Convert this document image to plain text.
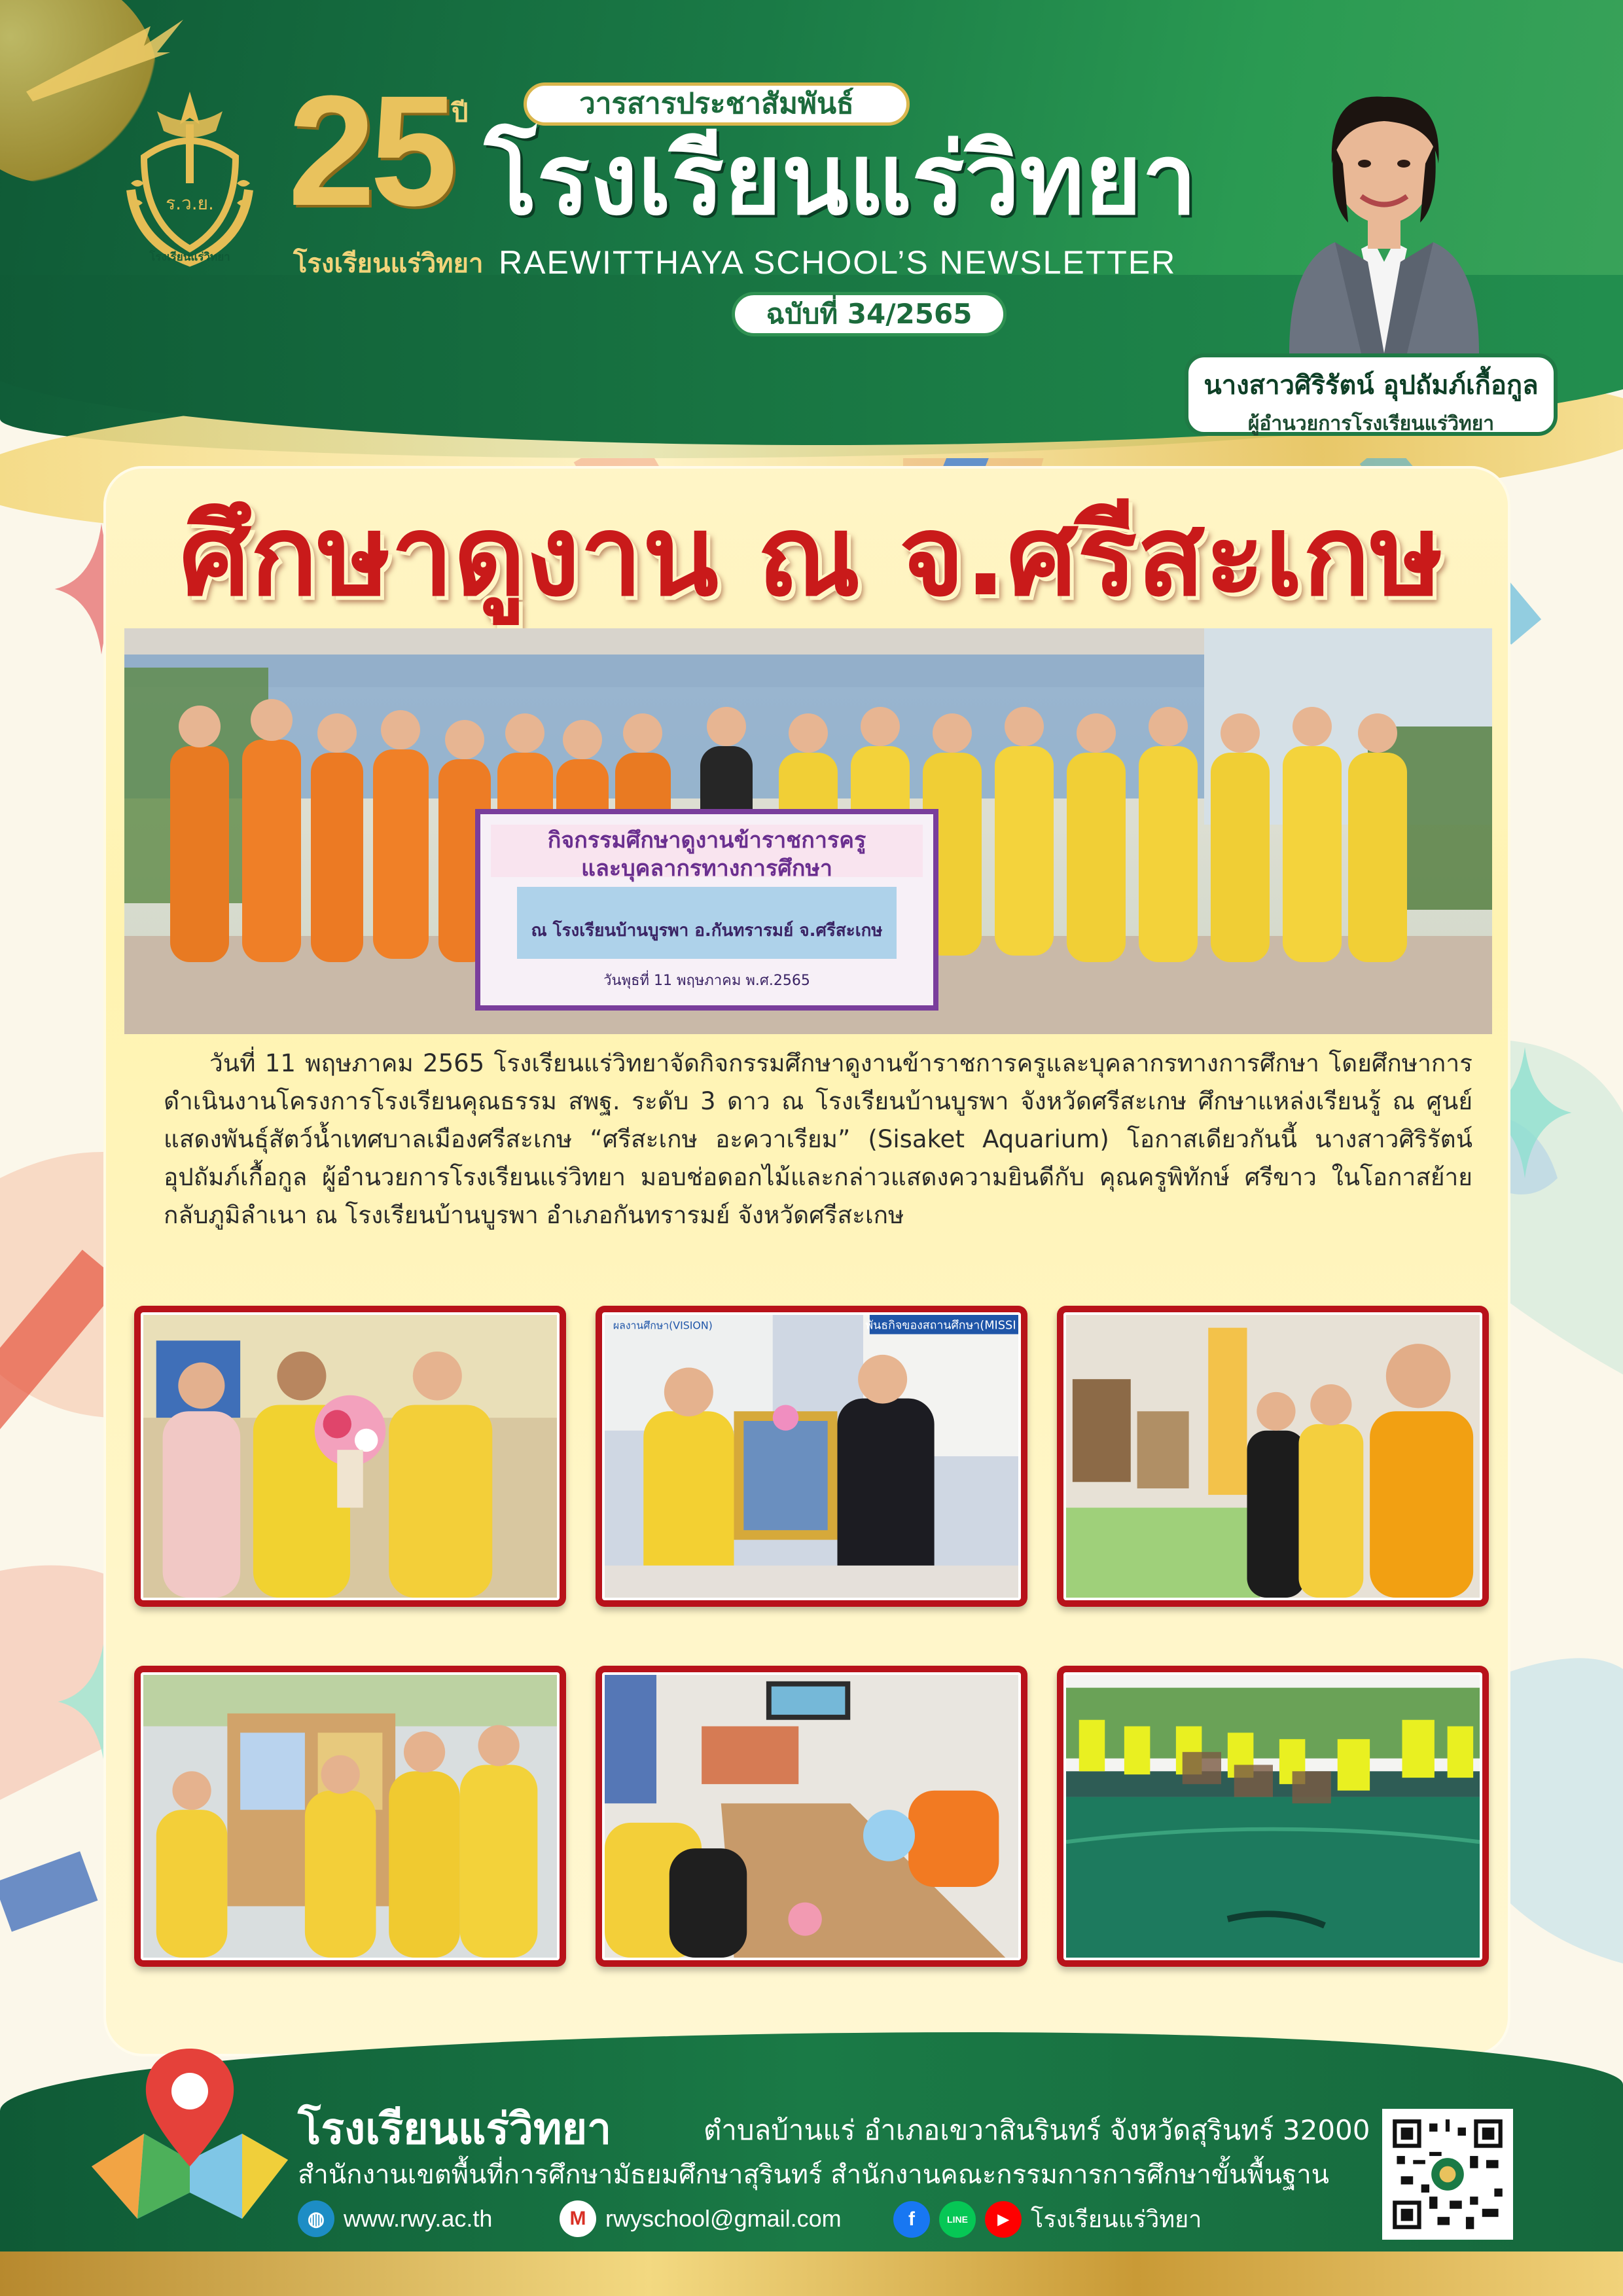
ร.ว.ย.
โรงเรียนแร่วิทยา
25 ปี
โรงเรียนแร่วิทยา
วารสารประชาสัมพันธ์
โรงเรียนแร่วิทยา
RAEWITTHAYA SCHOOL’S NEWSLETTER
ฉบับที่ 34/2565
นางสาวศิริรัตน์ อุปถัมภ์เกื้อกูล
ผู้อำนวยการโรงเรียนแร่วิทยา
ศึกษาดูงาน ณ จ.ศรีสะเกษ
กิจกรรมศึกษาดูงานข้าราชการครู
และบุคลากรทางการศึกษา
ณ โรงเรียนบ้านบูรพา อ.กันทรารมย์ จ.ศรีสะเกษ
วันพุธที่ 11 พฤษภาคม พ.ศ.2565

วันที่ 11 พฤษภาคม 2565 โรงเรียนแร่วิทยาจัดกิจกรรมศึกษาดูงานข้าราชการครูและบุคลากรทางการศึกษา โดยศึกษาการดำเนินงานโครงการโรงเรียนคุณธรรม สพฐ. ระดับ 3 ดาว ณ โรงเรียนบ้านบูรพา จังหวัดศรีสะเกษ ศึกษาแหล่งเรียนรู้ ณ ศูนย์แสดงพันธุ์สัตว์น้ำเทศบาลเมืองศรีสะเกษ “ศรีสะเกษ อะควาเรียม” (Sisaket Aquarium) โอกาสเดียวกันนี้ นางสาวศิริรัตน์ อุปถัมภ์เกื้อกูล ผู้อำนวยการโรงเรียนแร่วิทยา มอบช่อดอกไม้และกล่าวแสดงความยินดีกับ คุณครูพิทักษ์ ศรีขาว ในโอกาสย้ายกลับภูมิลำเนา ณ โรงเรียนบ้านบูรพา อำเภอกันทรารมย์ จังหวัดศรีสะเกษ

พันธกิจของสถานศึกษา(MISSI
ผลงานศึกษา(VISION)
โรงเรียนแร่วิทยา	ตำบลบ้านแร่ อำเภอเขวาสินรินทร์ จังหวัดสุรินทร์ 32000
สำนักงานเขตพื้นที่การศึกษามัธยมศึกษาสุรินทร์ สำนักงานคณะกรรมการการศึกษาขั้นพื้นฐาน
◍ www.rwy.ac.th	M rwyschool@gmail.com	f	LINE	▶ โรงเรียนแร่วิทยา
